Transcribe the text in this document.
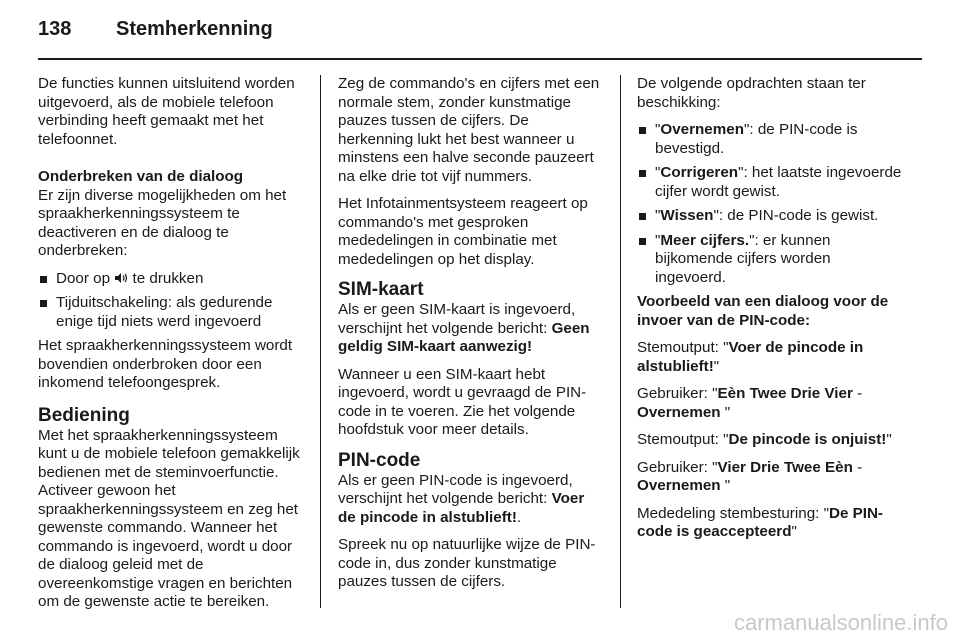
138 Stemherkenning

De functies kunnen uitsluitend worden uitgevoerd, als de mobiele telefoon verbinding heeft gemaakt met het telefoonnet.

Onderbreken van de dialoog

Er zijn diverse mogelijkheden om het spraakherkenningssysteem te deactiveren en de dialoog te onderbreken:

Door op  te drukken
Tijduitschakeling: als gedurende enige tijd niets werd ingevoerd

Het spraakherkenningssysteem wordt bovendien onderbroken door een inkomend telefoongesprek.

Bediening

Met het spraakherkenningssysteem kunt u de mobiele telefoon gemakkelijk bedienen met de steminvoerfunctie. Activeer gewoon het spraakherkenningssysteem en zeg het gewenste commando. Wanneer het commando is ingevoerd, wordt u door de dialoog geleid met de overeenkomstige vragen en berichten om de gewenste actie te bereiken.

Zeg de commando's en cijfers met een normale stem, zonder kunstmatige pauzes tussen de cijfers. De herkenning lukt het best wanneer u minstens een halve seconde pauzeert na elke drie tot vijf nummers.

Het Infotainmentsysteem reageert op commando's met gesproken mededelingen in combinatie met mededelingen op het display.

SIM-kaart

Als er geen SIM-kaart is ingevoerd, verschijnt het volgende bericht: Geen geldig SIM-kaart aanwezig!

Wanneer u een SIM-kaart hebt ingevoerd, wordt u gevraagd de PIN-code in te voeren. Zie het volgende hoofdstuk voor meer details.

PIN-code

Als er geen PIN-code is ingevoerd, verschijnt het volgende bericht: Voer de pincode in alstublieft!.

Spreek nu op natuurlijke wijze de PIN-code in, dus zonder kunstmatige pauzes tussen de cijfers.

De volgende opdrachten staan ter beschikking:

"Overnemen": de PIN-code is bevestigd.
"Corrigeren": het laatste ingevoerde cijfer wordt gewist.
"Wissen": de PIN-code is gewist.
"Meer cijfers.": er kunnen bijkomende cijfers worden ingevoerd.

Voorbeeld van een dialoog voor de invoer van de PIN-code:

Stemoutput: "Voer de pincode in alstublieft!"

Gebruiker: "Eèn Twee Drie Vier - Overnemen "

Stemoutput: "De pincode is onjuist!"

Gebruiker: "Vier Drie Twee Eèn - Overnemen "

Mededeling stembesturing: "De PIN-code is geaccepteerd"

carmanualsonline.info
